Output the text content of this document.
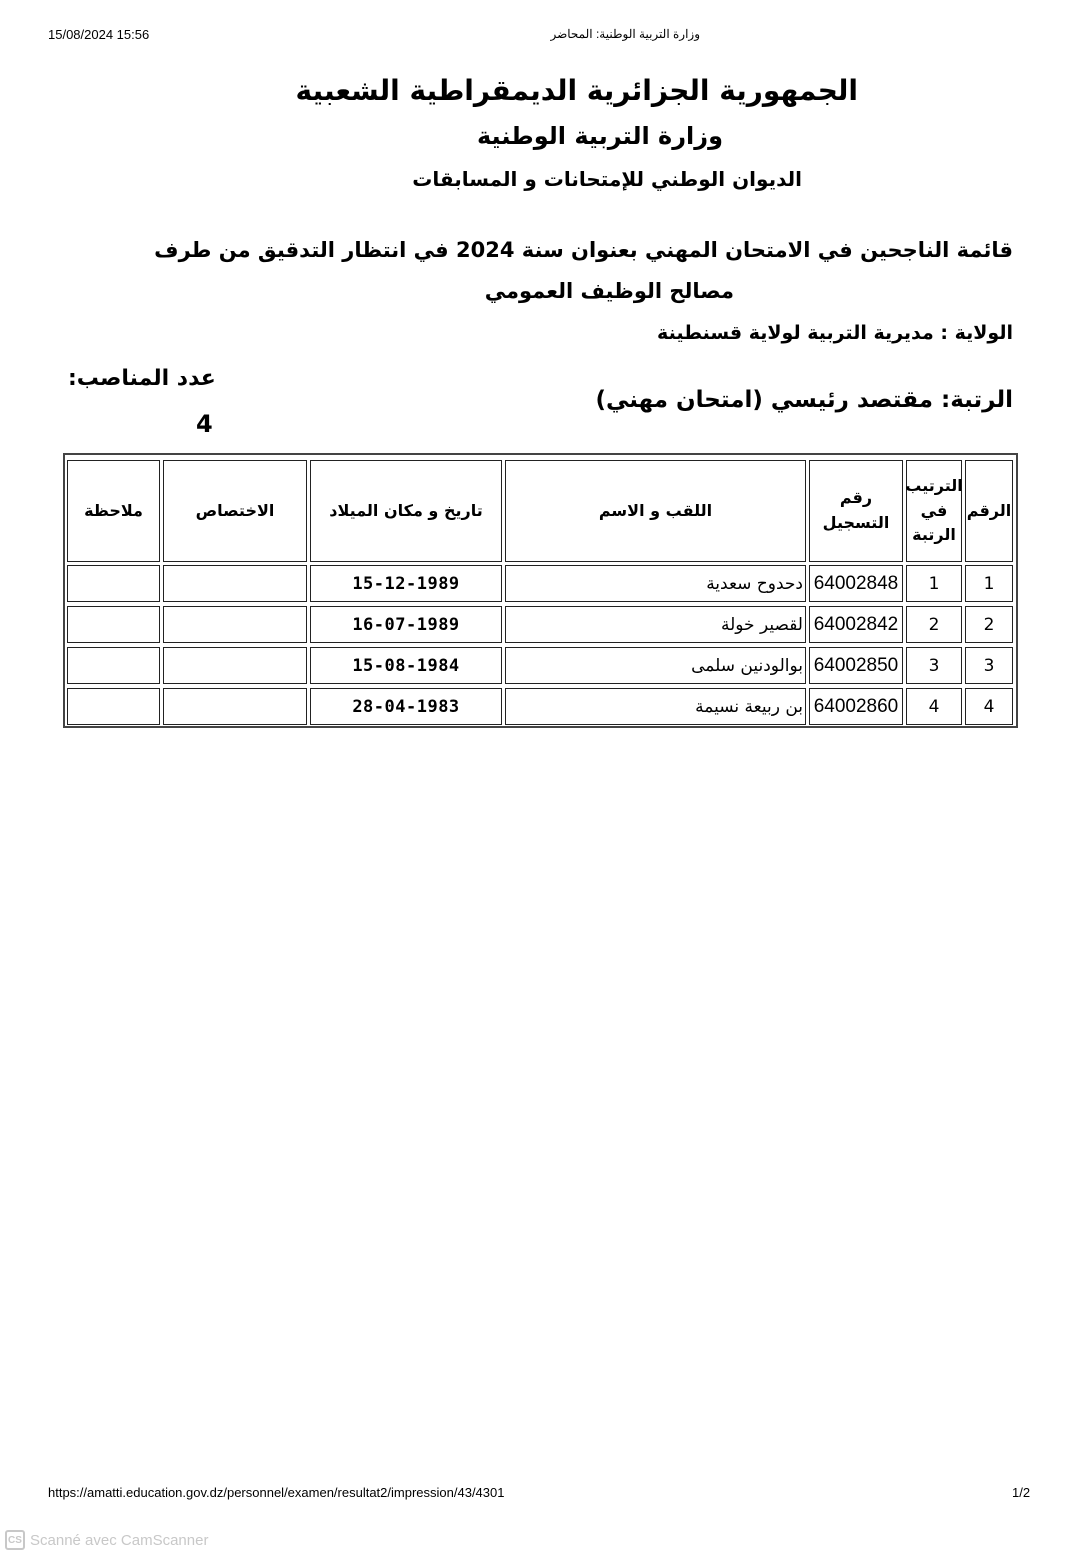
15/08/2024 15:56	وزارة التربية الوطنية: المحاضر
الجمهورية الجزائرية الديمقراطية الشعبية
وزارة التربية الوطنية
الديوان الوطني للإمتحانات و المسابقات
قائمة الناجحين في الامتحان المهني بعنوان سنة 2024 في انتظار التدقيق من طرف
مصالح الوظيف العمومي
الولاية : مديرية التربية لولاية قسنطينة
الرتبة: مقتصد رئيسي (امتحان مهني)
عدد المناصب:
4
الرقم
الترتيب في الرتبة
رقم التسجيل
اللقب و الاسم
تاريخ و مكان الميلاد
الاختصاص
ملاحظة
1
1
64002848
دحدوح سعدية
15-12-1989
2
2
64002842
لقصير خولة
16-07-1989
3
3
64002850
بوالودنين سلمى
15-08-1984
4
4
64002860
بن ربيعة نسيمة
28-04-1983
https://amatti.education.gov.dz/personnel/examen/resultat2/impression/43/4301	1/2
CS Scanné avec CamScanner
